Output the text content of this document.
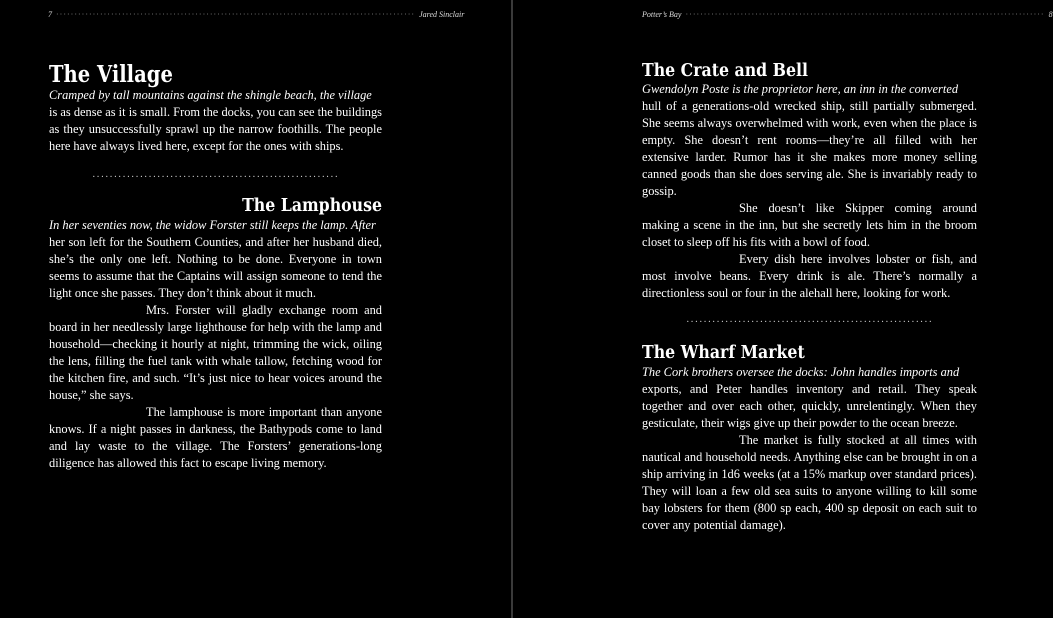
7 ·································································································· Jared Sinclair
The Village

Cramped by tall mountains against the shingle beach, the village

is as dense as it is small. From the docks, you can see the buildings as they unsuccessfully sprawl up the narrow foothills. The people here have always lived here, except for the ones with ships.

·························································
The Lamphouse

In her seventies now, the widow Forster still keeps the lamp. After

her son left for the Southern Counties, and after her husband died, she’s the only one left. Nothing to be done. Everyone in town seems to assume that the Captains will assign someone to tend the light once she passes. They don’t think about it much.

Mrs. Forster will gladly exchange room and board in her needlessly large lighthouse for help with the lamp and household—checking it hourly at night, trimming the wick, oiling the lens, filling the fuel tank with whale tallow, fetching wood for the kitchen fire, and such. “It’s just nice to hear voices around the house,” she says.

The lamphouse is more important than anyone knows. If a night passes in darkness, the Bathypods come to land and lay waste to the village. The Forsters’ generations-long diligence has allowed this fact to escape living memory.

Potter’s Bay ·································································································· 8
The Crate and Bell

Gwendolyn Poste is the proprietor here, an inn in the converted

hull of a generations-old wrecked ship, still partially submerged. She seems always overwhelmed with work, even when the place is empty. She doesn’t rent rooms—they’re all filled with her extensive larder. Rumor has it she makes more money selling canned goods than she does serving ale. She is invariably ready to gossip.

She doesn’t like Skipper coming around making a scene in the inn, but she secretly lets him in the broom closet to sleep off his fits with a bowl of food.

Every dish here involves lobster or fish, and most involve beans. Every drink is ale. There’s normally a directionless soul or four in the alehall here, looking for work.

·························································
The Wharf Market

The Cork brothers oversee the docks: John handles imports and

exports, and Peter handles inventory and retail. They speak together and over each other, quickly, unrelentingly. When they gesticulate, their wigs give up their powder to the ocean breeze.

The market is fully stocked at all times with nautical and household needs. Anything else can be brought in on a ship arriving in 1d6 weeks (at a 15% markup over standard prices). They will loan a few old sea suits to anyone willing to kill some bay lobsters for them (800 sp each, 400 sp deposit on each suit to cover any potential damage).
